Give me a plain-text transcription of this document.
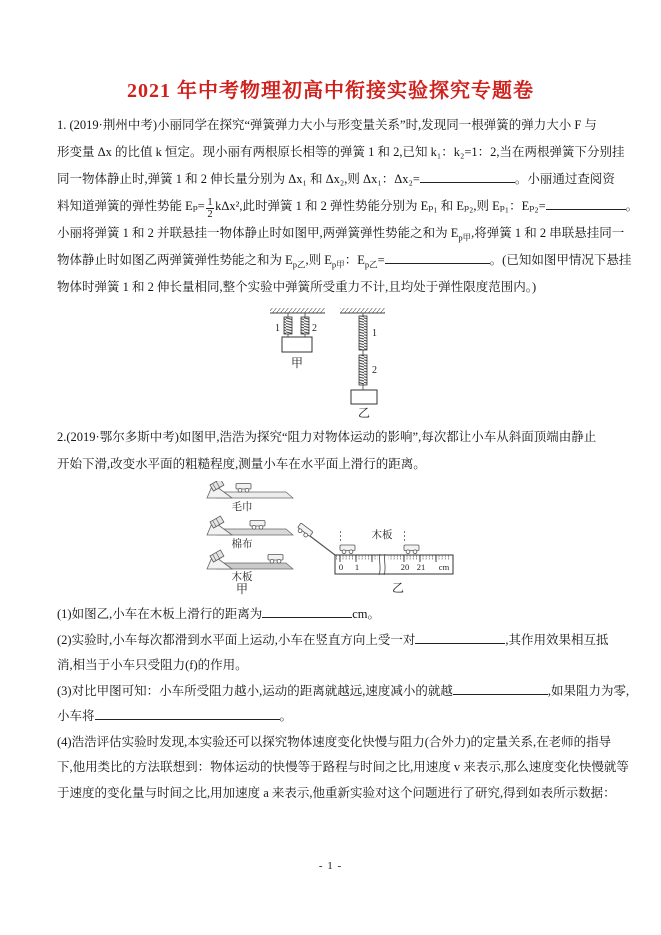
2021 年中考物理初高中衔接实验探究专题卷
1. (2019·荆州中考)小丽同学在探究“弹簧弹力大小与形变量关系”时,发现同一根弹簧的弹力大小 F 与
形变量 Δx 的比值 k 恒定。现小丽有两根原长相等的弹簧 1 和 2,已知 k₁：k₂=1：2,当在两根弹簧下分别挂
同一物体静止时,弹簧 1 和 2 伸长量分别为 Δx₁ 和 Δx₂,则 Δx₁：Δx₂=	。小丽通过查阅资
料知道弹簧的弹性势能 $E_p= \frac{1}{2} k\Delta x^2$,此时弹簧 1 和 2 弹性势能分别为 Eₚ₁ 和 Eₚ₂,则 Eₚ₁：Eₚ₂=	。
小丽将弹簧 1 和 2 并联悬挂一物体静止时如图甲,两弹簧弹性势能之和为 $E_{p甲}$,将弹簧 1 和 2 串联悬挂同一
物体静止时如图乙两弹簧弹性势能之和为 $E_{p乙}$,则 $E_{p甲}$：$E_{p乙}=$	。(已知如图甲情况下悬挂
物体时弹簧 1 和 2 伸长量相同,整个实验中弹簧所受重力不计,且均处于弹性限度范围内。)
1	2
甲
1
2
乙
2.(2019·鄂尔多斯中考)如图甲,浩浩为探究“阻力对物体运动的影响”,每次都让小车从斜面顶端由静止
开始下滑,改变水平面的粗糙程度,测量小车在水平面上滑行的距离。
毛巾
棉布
木板
甲
木板
0 1	20 21 cm
乙
(1)如图乙,小车在木板上滑行的距离为	cm。
(2)实验时,小车每次都滑到水平面上运动,小车在竖直方向上受一对	,其作用效果相互抵
消,相当于小车只受阻力(f)的作用。
(3)对比甲图可知：小车所受阻力越小,运动的距离就越远,速度减小的就越	,如果阻力为零,
小车将	。
(4)浩浩评估实验时发现,本实验还可以探究物体速度变化快慢与阻力(合外力)的定量关系,在老师的指导
下,他用类比的方法联想到：物体运动的快慢等于路程与时间之比,用速度 v 来表示,那么速度变化快慢就等
于速度的变化量与时间之比,用加速度 a 来表示,他重新实验对这个问题进行了研究,得到如表所示数据：
- 1 -
